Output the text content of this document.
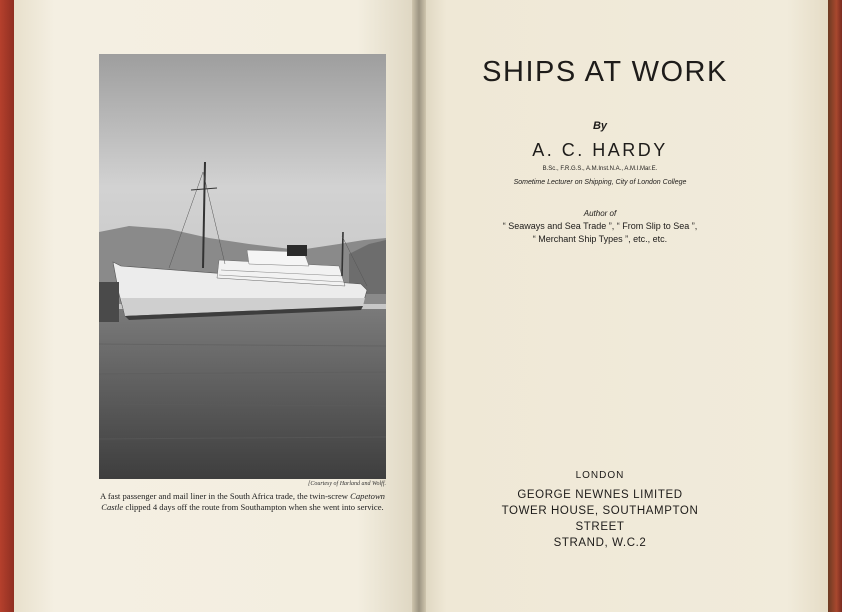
[Courtesy of Harland and Wolff.
A fast passenger and mail liner in the South Africa trade, the twin-screw Capetown Castle clipped 4 days off the route from Southampton when she went into service.
SHIPS AT WORK
By
A. C. HARDY
B.Sc., F.R.G.S., A.M.Inst.N.A., A.M.I.Mar.E.
Sometime Lecturer on Shipping, City of London College
Author of
“ Seaways and Sea Trade ”, “ From Slip to Sea ”,
“ Merchant Ship Types ”, etc., etc.
LONDON
GEORGE NEWNES LIMITED
TOWER HOUSE, SOUTHAMPTON STREET
STRAND, W.C.2
